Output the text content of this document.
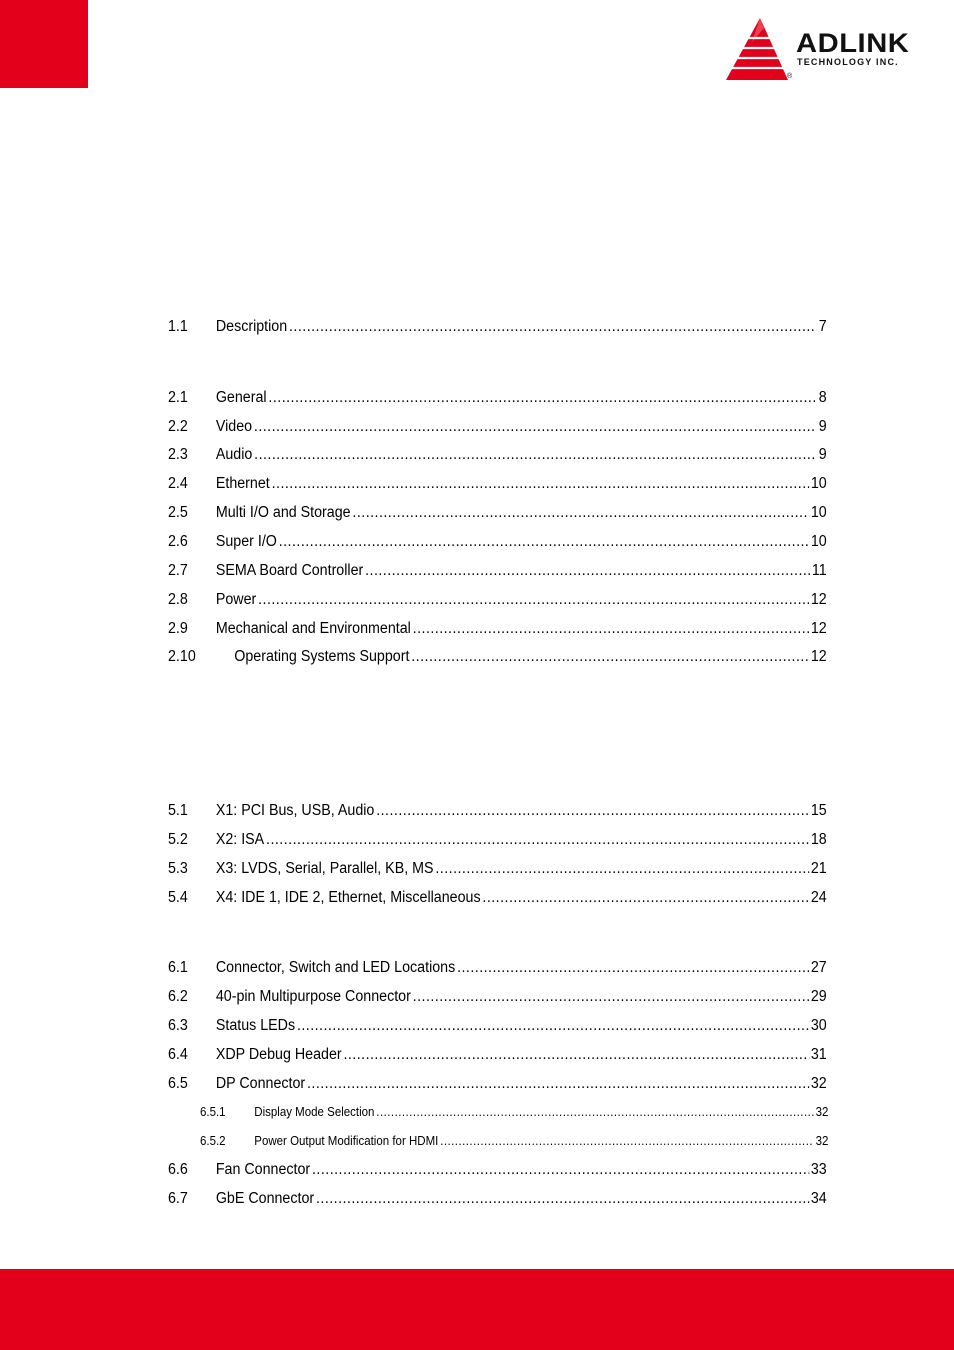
ADLINK
TECHNOLOGY INC.
®
1.1	Description .....	7
2.1	General .....	8
2.2	Video .....	9
2.3	Audio .....	9
2.4	Ethernet .....	10
2.5	Multi I/O and Storage .....	10
2.6	Super I/O .....	10
2.7	SEMA Board Controller .....	11
2.8	Power .....	12
2.9	Mechanical and Environmental .....	12
2.10	Operating Systems Support .....	12
5.1	X1: PCI Bus, USB, Audio .....	15
5.2	X2: ISA .....	18
5.3	X3: LVDS, Serial, Parallel, KB, MS .....	21
5.4	X4: IDE 1, IDE 2, Ethernet, Miscellaneous .....	24
6.1	Connector, Switch and LED Locations .....	27
6.2	40-pin Multipurpose Connector .....	29
6.3	Status LEDs .....	30
6.4	XDP Debug Header .....	31
6.5	DP Connector .....	32
6.5.1	Display Mode Selection .....	32
6.5.2	Power Output Modification for HDMI .....	32
6.6	Fan Connector .....	33
6.7	GbE Connector .....	34
